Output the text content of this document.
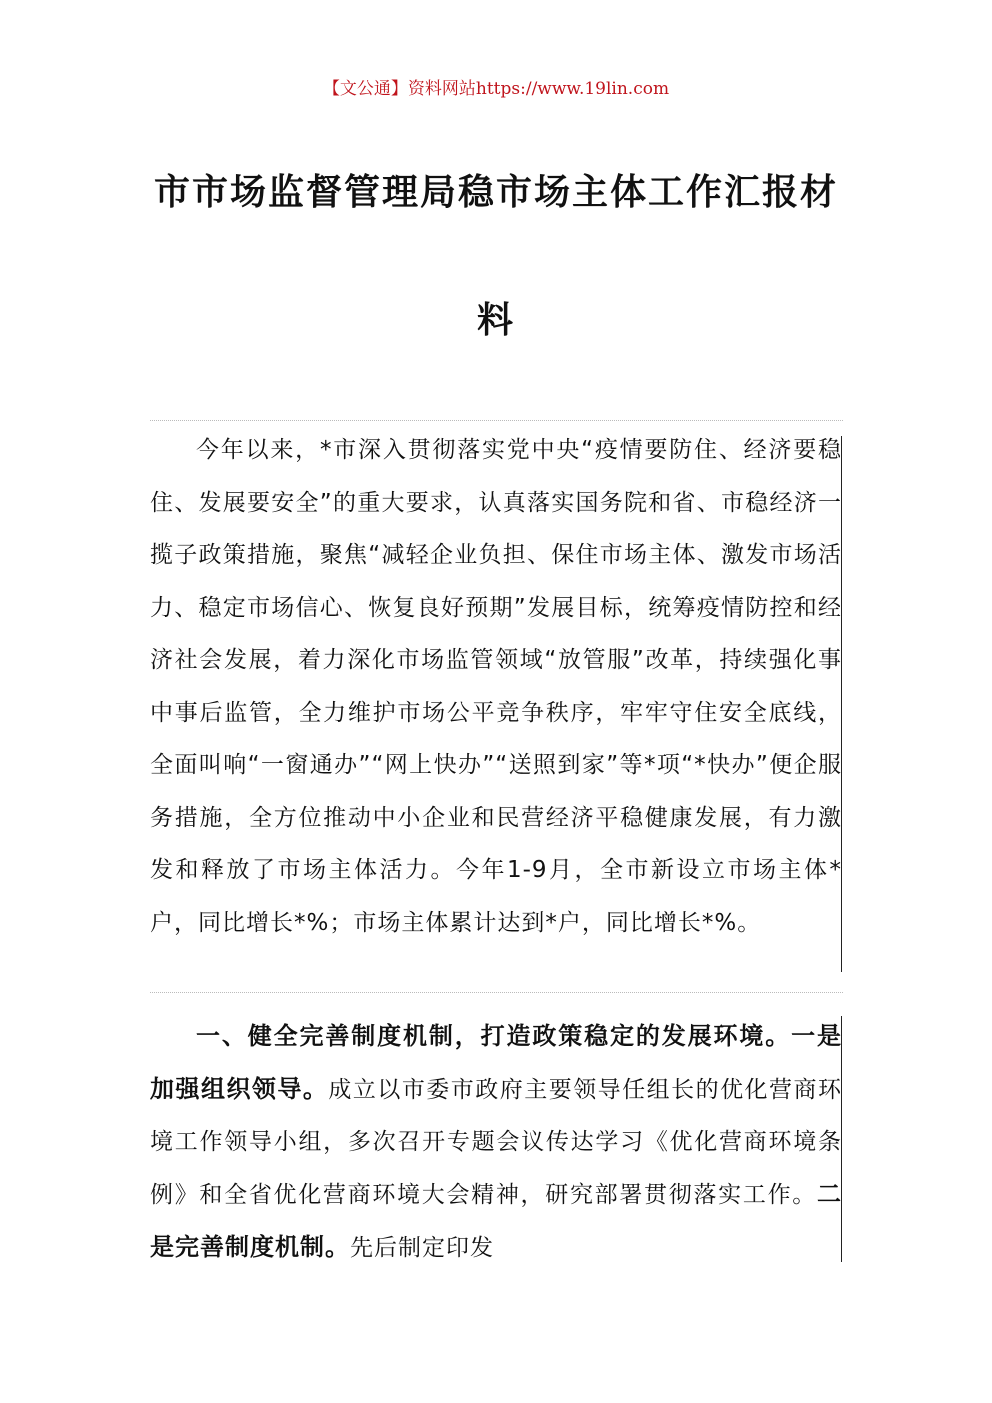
【文公通】资料网站https://www.19lin.com
市市场监督管理局稳市场主体工作汇报材
料
今年以来，*市深入贯彻落实党中央“疫情要防住、经济要稳住、发展要安全”的重大要求，认真落实国务院和省、市稳经济一揽子政策措施，聚焦“减轻企业负担、保住市场主体、激发市场活力、稳定市场信心、恢复良好预期”发展目标，统筹疫情防控和经济社会发展，着力深化市场监管领域“放管服”改革，持续强化事中事后监管，全力维护市场公平竞争秩序，牢牢守住安全底线，全面叫响“一窗通办”“网上快办”“送照到家”等*项“*快办”便企服务措施，全方位推动中小企业和民营经济平稳健康发展，有力激发和释放了市场主体活力。今年1-9月，全市新设立市场主体*户，同比增长*%；市场主体累计达到*户，同比增长*%。
一、健全完善制度机制，打造政策稳定的发展环境。一是加强组织领导。成立以市委市政府主要领导任组长的优化营商环境工作领导小组，多次召开专题会议传达学习《优化营商环境条例》和全省优化营商环境大会精神，研究部署贯彻落实工作。二是完善制度机制。先后制定印发
